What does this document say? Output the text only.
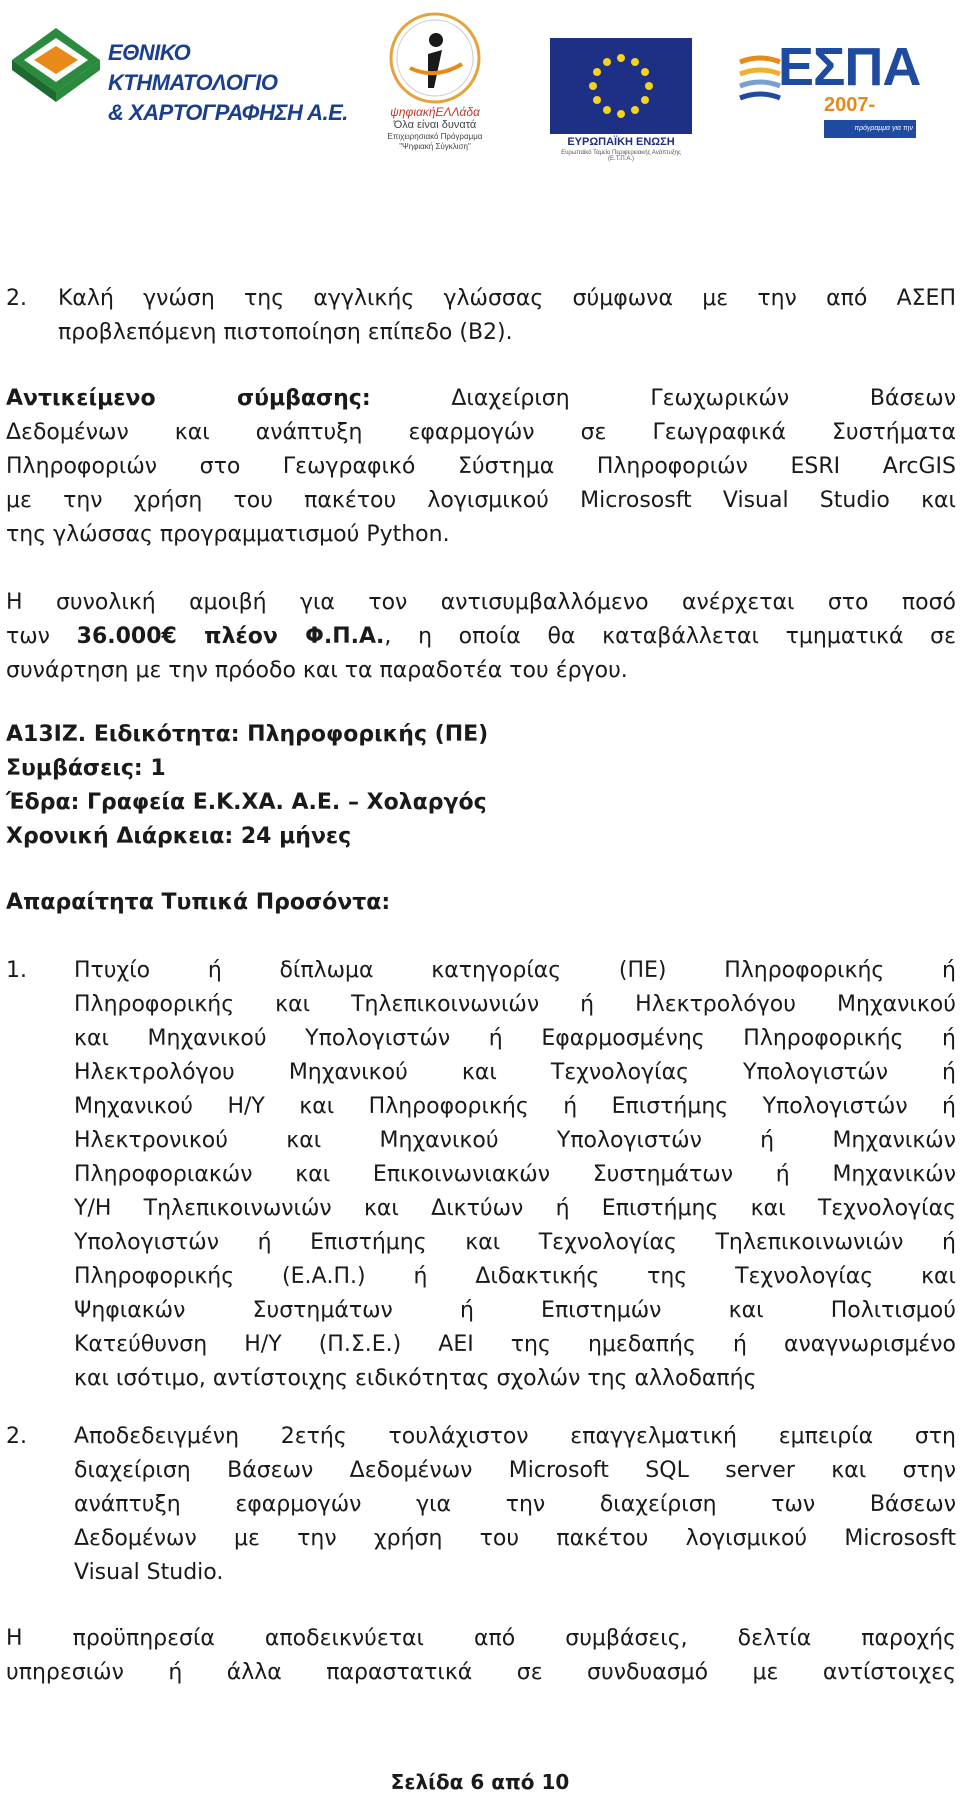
ΕΘΝΙΚΟ ΚΤΗΜΑΤΟΛΟΓΙΟ
& ΧΑΡΤΟΓΡΑΦΗΣΗ Α.Ε.	ψηφιακήΕΛΛάδα
Όλα είναι δυνατά
Επιχειρησιακό Πρόγραμμα
"Ψηφιακή Σύγκλιση"	ΕΥΡΩΠΑΪΚΗ ΕΝΩΣΗ
Ευρωπαϊκό Ταμείο Περιφερειακής Ανάπτυξης (Ε.Τ.Π.Α.)
ΕΣΠΑ
2007-
πρόγραμμα για την ανάπτυξη
2. Καλή γνώση της αγγλικής γλώσσας σύμφωνα με την από ΑΣΕΠ
προβλεπόμενη πιστοποίηση επίπεδο (Β2).
Αντικείμενο σύμβασης:	Διαχείριση Γεωχωρικών Βάσεων
Δεδομένων και ανάπτυξη εφαρμογών σε Γεωγραφικά Συστήματα
Πληροφοριών στο Γεωγραφικό Σύστημα Πληροφοριών ESRI ArcGIS
με την χρήση του πακέτου λογισμικού Micrososft Visual Studio και
της γλώσσας προγραμματισμού Python.
Η συνολική αμοιβή για τον αντισυμβαλλόμενο ανέρχεται στο ποσό
των 36.000€ πλέον Φ.Π.Α., η οποία θα καταβάλλεται τμηματικά σε
συνάρτηση με την πρόοδο και τα παραδοτέα του έργου.
Α13ΙΖ. Ειδικότητα: Πληροφορικής (ΠΕ)
Συμβάσεις: 1
Έδρα: Γραφεία Ε.Κ.ΧΑ. Α.Ε. – Χολαργός
Χρονική Διάρκεια: 24 μήνες
Απαραίτητα Τυπικά Προσόντα:
1. Πτυχίο ή δίπλωμα κατηγορίας (ΠΕ) Πληροφορικής ή
Πληροφορικής και Τηλεπικοινωνιών ή Ηλεκτρολόγου Μηχανικού
και Μηχανικού Υπολογιστών ή Εφαρμοσμένης Πληροφορικής ή
Ηλεκτρολόγου Μηχανικού και Τεχνολογίας Υπολογιστών ή
Μηχανικού Η/Υ και Πληροφορικής ή Επιστήμης Υπολογιστών ή
Ηλεκτρονικού και Μηχανικού Υπολογιστών ή Μηχανικών
Πληροφοριακών και Επικοινωνιακών Συστημάτων ή Μηχανικών
Υ/Η Τηλεπικοινωνιών και Δικτύων ή Επιστήμης και Τεχνολογίας
Υπολογιστών ή Επιστήμης και Τεχνολογίας Τηλεπικοινωνιών ή
Πληροφορικής (Ε.Α.Π.) ή Διδακτικής της Τεχνολογίας και
Ψηφιακών Συστημάτων ή Επιστημών και Πολιτισμού
Κατεύθυνση Η/Υ (Π.Σ.Ε.) ΑΕΙ της ημεδαπής ή αναγνωρισμένο
και ισότιμο, αντίστοιχης ειδικότητας σχολών της αλλοδαπής
2. Αποδεδειγμένη 2ετής τουλάχιστον επαγγελματική εμπειρία στη
διαχείριση Βάσεων Δεδομένων Microsoft SQL server και στην
ανάπτυξη εφαρμογών για την διαχείριση των Βάσεων
Δεδομένων με την χρήση του πακέτου λογισμικού Micrososft
Visual Studio.
Η προϋπηρεσία αποδεικνύεται από συμβάσεις, δελτία παροχής
υπηρεσιών ή άλλα παραστατικά σε συνδυασμό με αντίστοιχες
Σελίδα 6 από 10
